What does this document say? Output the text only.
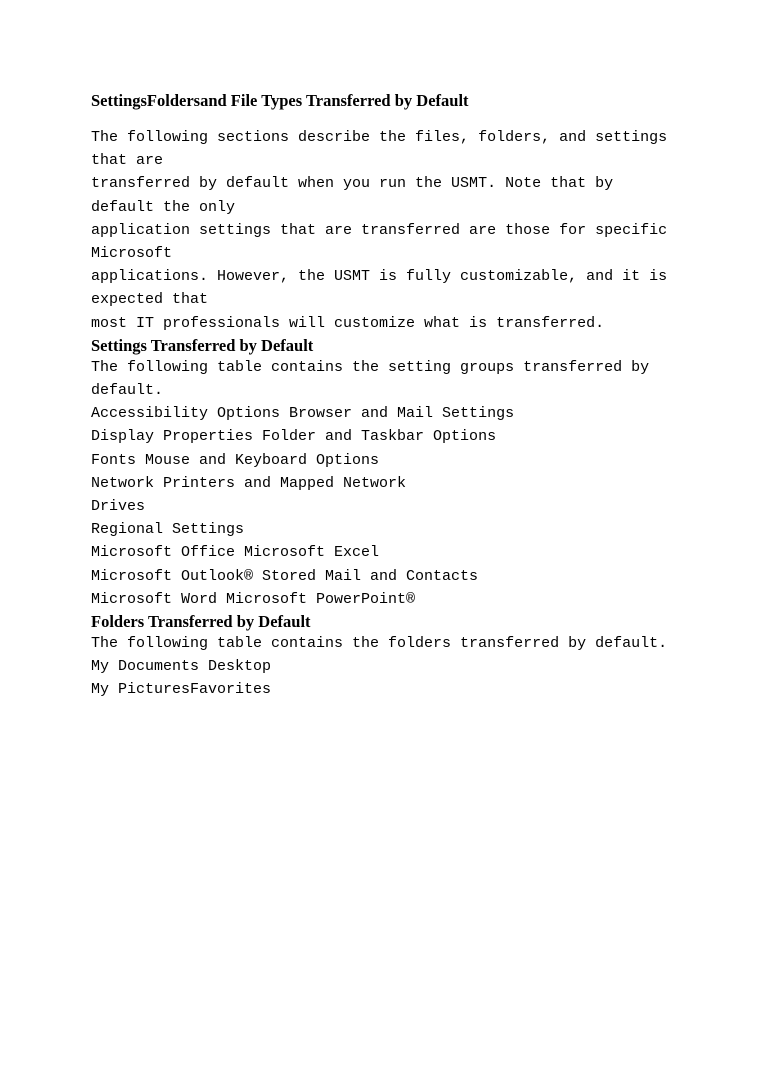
SettingsFoldersand File Types Transferred by Default
The following sections describe the files, folders, and settings
that are
transferred by default when you run the USMT. Note that by
default the only
application settings that are transferred are those for specific
Microsoft
applications. However, the USMT is fully customizable, and it is
expected that
most IT professionals will customize what is transferred.
Settings Transferred by Default
The following table contains the setting groups transferred by
default.
Accessibility Options Browser and Mail Settings
Display Properties Folder and Taskbar Options
Fonts Mouse and Keyboard Options
Network Printers and Mapped Network
Drives
Regional Settings
Microsoft Office Microsoft Excel
Microsoft Outlook® Stored Mail and Contacts
Microsoft Word Microsoft PowerPoint®
Folders Transferred by Default
The following table contains the folders transferred by default.
My Documents Desktop
My PicturesFavorites
